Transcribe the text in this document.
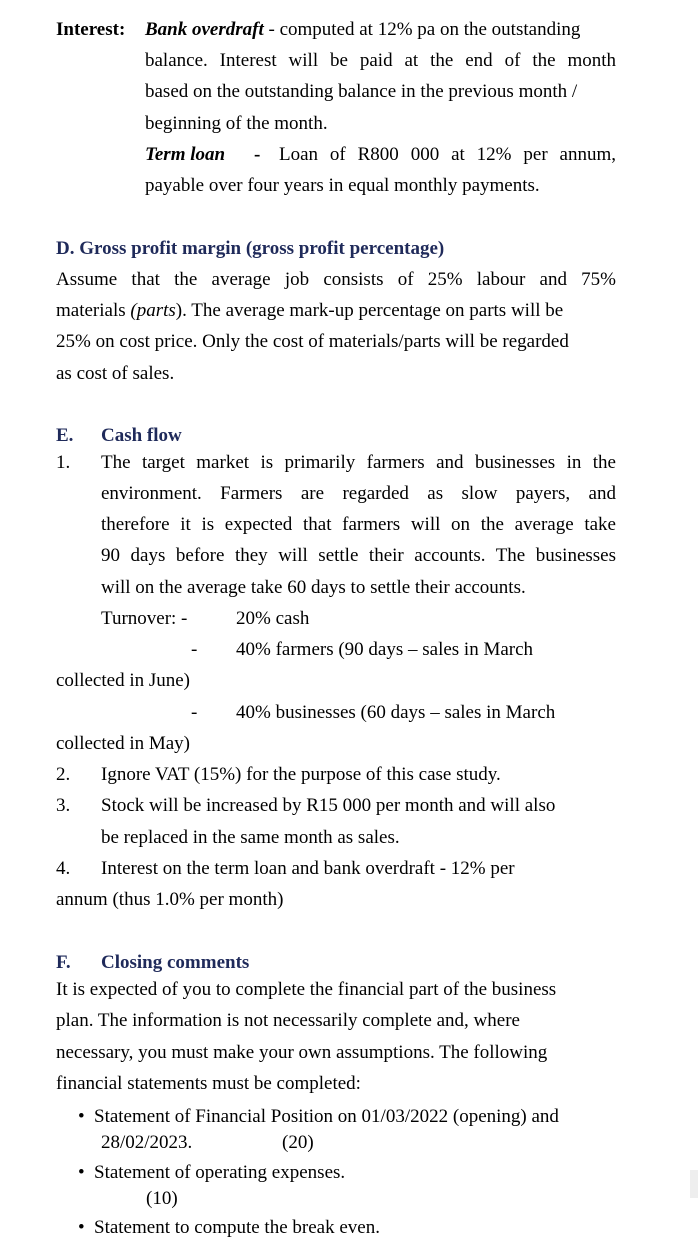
Interest: Bank overdraft - computed at 12% pa on the outstanding
balance. Interest will be paid at the end of the month
based on the outstanding balance in the previous month /
beginning of the month.
Term loan - Loan of R800 000 at 12% per annum,
payable over four years in equal monthly payments.
D. Gross profit margin (gross profit percentage)
Assume that the average job consists of 25% labour and 75%
materials (parts). The average mark-up percentage on parts will be
25% on cost price. Only the cost of materials/parts will be regarded
as cost of sales.
E. Cash flow
1. The target market is primarily farmers and businesses in the
environment. Farmers are regarded as slow payers, and
therefore it is expected that farmers will on the average take
90 days before they will settle their accounts. The businesses
will on the average take 60 days to settle their accounts.
Turnover: -	20% cash
- 40% farmers (90 days – sales in March
collected in June)
- 40% businesses (60 days – sales in March
collected in May)
2. Ignore VAT (15%) for the purpose of this case study.
3. Stock will be increased by R15 000 per month and will also
be replaced in the same month as sales.
4. Interest on the term loan and bank overdraft - 12% per
annum (thus 1.0% per month)
F. Closing comments
It is expected of you to complete the financial part of the business
plan. The information is not necessarily complete and, where
necessary, you must make your own assumptions. The following
financial statements must be completed:
• Statement of Financial Position on 01/03/2022 (opening) and
28/02/2023.	(20)
• Statement of operating expenses.
(10)
• Statement to compute the break even.
